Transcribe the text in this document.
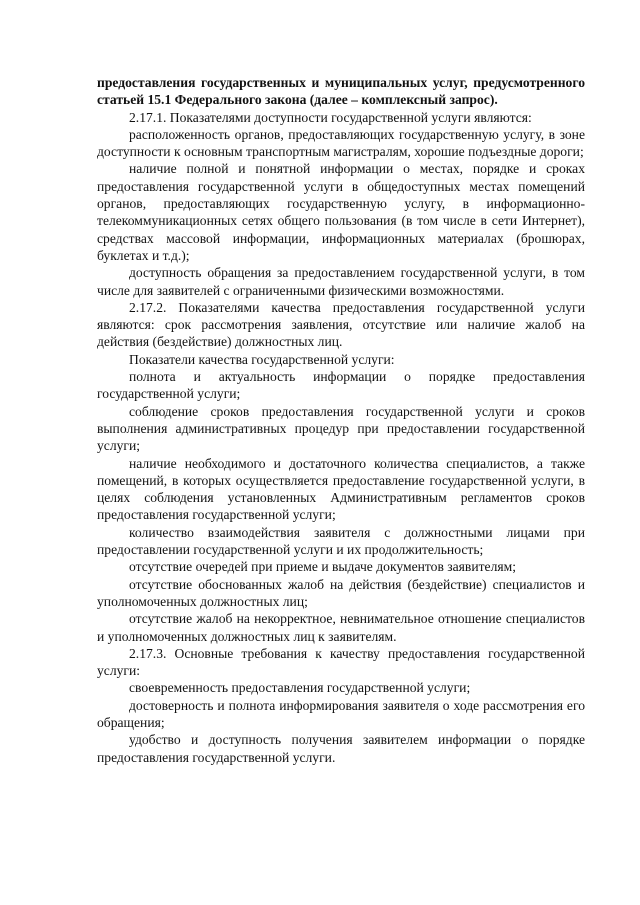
предоставления государственных и муниципальных услуг, предусмотренного статьей 15.1 Федерального закона (далее – комплексный запрос).

2.17.1. Показателями доступности государственной услуги являются:

расположенность органов, предоставляющих государственную услугу, в зоне доступности к основным транспортным магистралям, хорошие подъездные дороги;

наличие полной и понятной информации о местах, порядке и сроках предоставления государственной услуги в общедоступных местах помещений органов, предоставляющих государственную услугу, в информационно-телекоммуникационных сетях общего пользования (в том числе в сети Интернет), средствах массовой информации, информационных материалах (брошюрах, буклетах и т.д.);

доступность обращения за предоставлением государственной услуги, в том числе для заявителей с ограниченными физическими возможностями.

2.17.2. Показателями качества предоставления государственной услуги являются: срок рассмотрения заявления, отсутствие или наличие жалоб на действия (бездействие) должностных лиц.

Показатели качества государственной услуги:

полнота и актуальность информации о порядке предоставления государственной услуги;

соблюдение сроков предоставления государственной услуги и сроков выполнения административных процедур при предоставлении государственной услуги;

наличие необходимого и достаточного количества специалистов, а также помещений, в которых осуществляется предоставление государственной услуги, в целях соблюдения установленных Административным регламентов сроков предоставления государственной услуги;

количество взаимодействия заявителя с должностными лицами при предоставлении государственной услуги и их продолжительность;

отсутствие очередей при приеме и выдаче документов заявителям;

отсутствие обоснованных жалоб на действия (бездействие) специалистов и уполномоченных должностных лиц;

отсутствие жалоб на некорректное, невнимательное отношение специалистов и уполномоченных должностных лиц к заявителям.

2.17.3. Основные требования к качеству предоставления государственной услуги:

своевременность предоставления государственной услуги;

достоверность и полнота информирования заявителя о ходе рассмотрения его обращения;

удобство и доступность получения заявителем информации о порядке предоставления государственной услуги.
